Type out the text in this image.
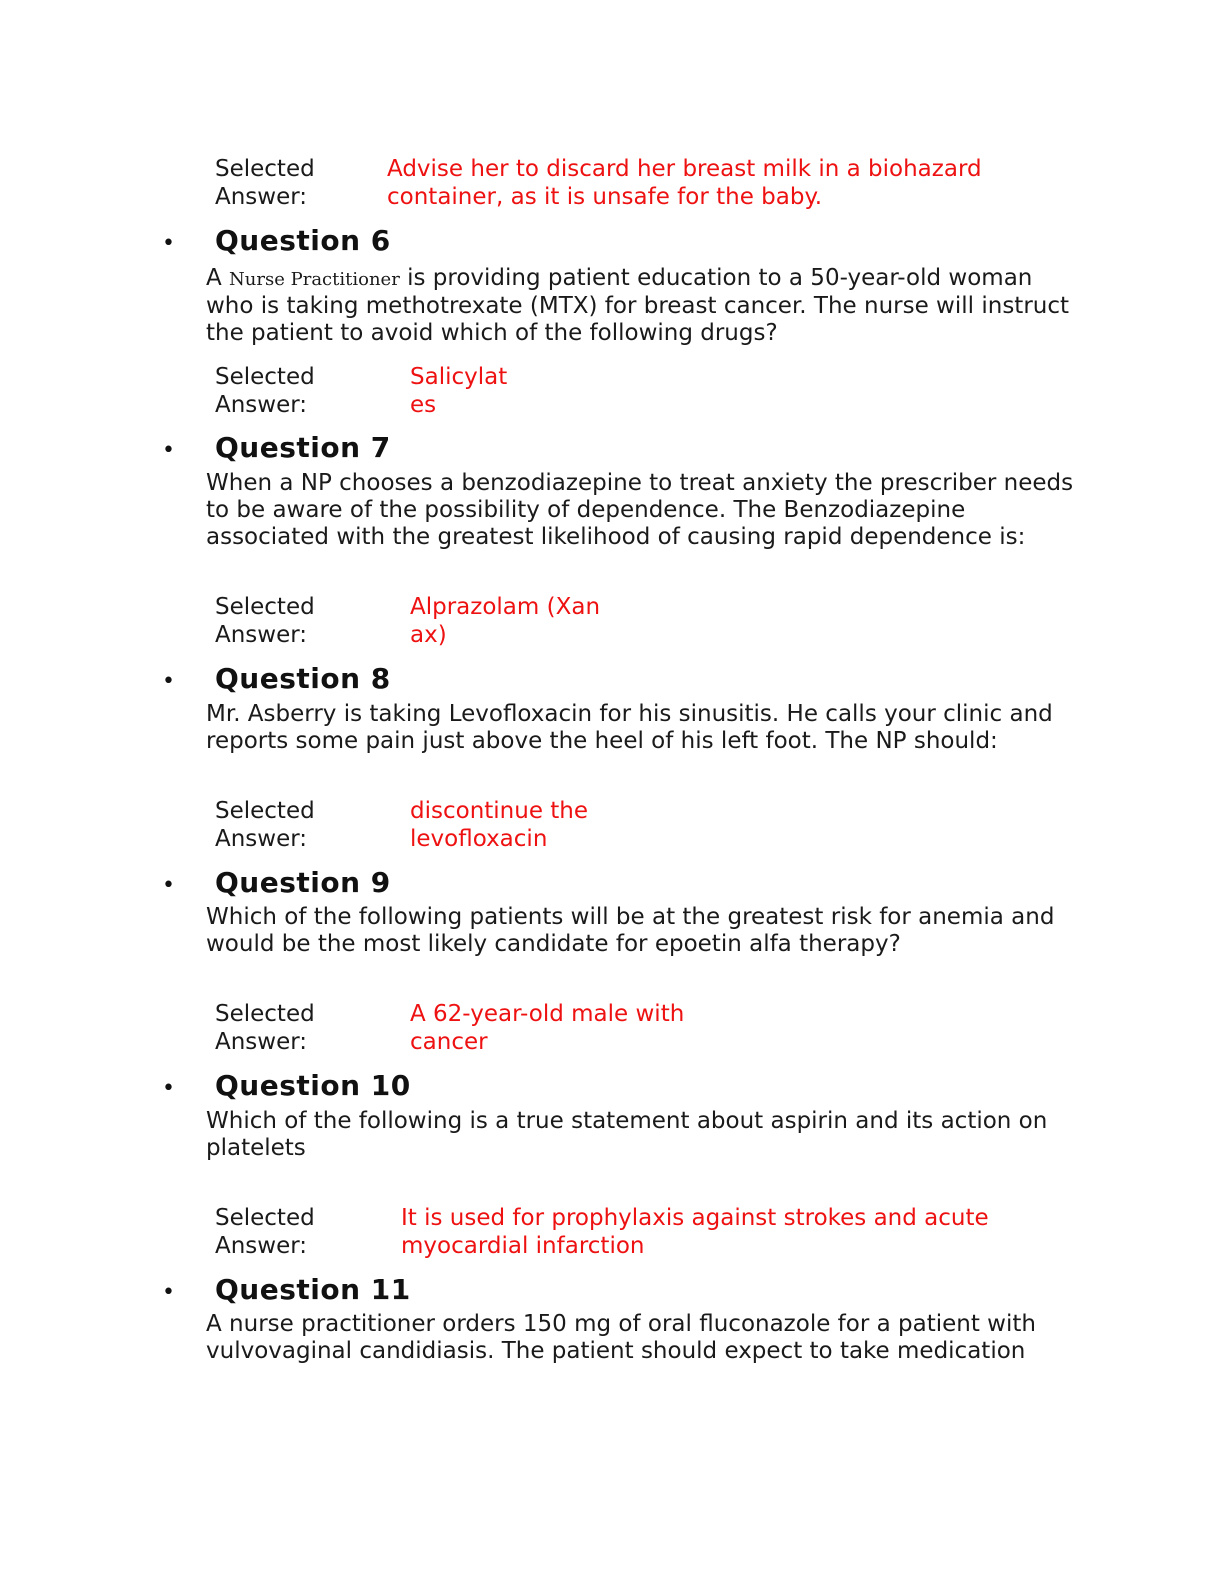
Selected
Answer:
Advise her to discard her breast milk in a biohazard
container, as it is unsafe for the baby.
• Question 6
A Nurse Practitioner is providing patient education to a 50-year-old woman who is taking methotrexate (MTX) for breast cancer. The nurse will instruct the patient to avoid which of the following drugs?
Selected
Answer:
Salicylat
es
• Question 7
When a NP chooses a benzodiazepine to treat anxiety the prescriber needs to be aware of the possibility of dependence. The Benzodiazepine associated with the greatest likelihood of causing rapid dependence is:
Selected
Answer:
Alprazolam (Xan
ax)
• Question 8
Mr. Asberry is taking Levofloxacin for his sinusitis. He calls your clinic and reports some pain just above the heel of his left foot. The NP should:
Selected
Answer:
discontinue the
levofloxacin
• Question 9
Which of the following patients will be at the greatest risk for anemia and would be the most likely candidate for epoetin alfa therapy?
Selected
Answer:
A 62-year-old male with
cancer
• Question 10
Which of the following is a true statement about aspirin and its action on platelets
Selected
Answer:
It is used for prophylaxis against strokes and acute
myocardial infarction
• Question 11
A nurse practitioner orders 150 mg of oral fluconazole for a patient with vulvovaginal candidiasis. The patient should expect to take medication
